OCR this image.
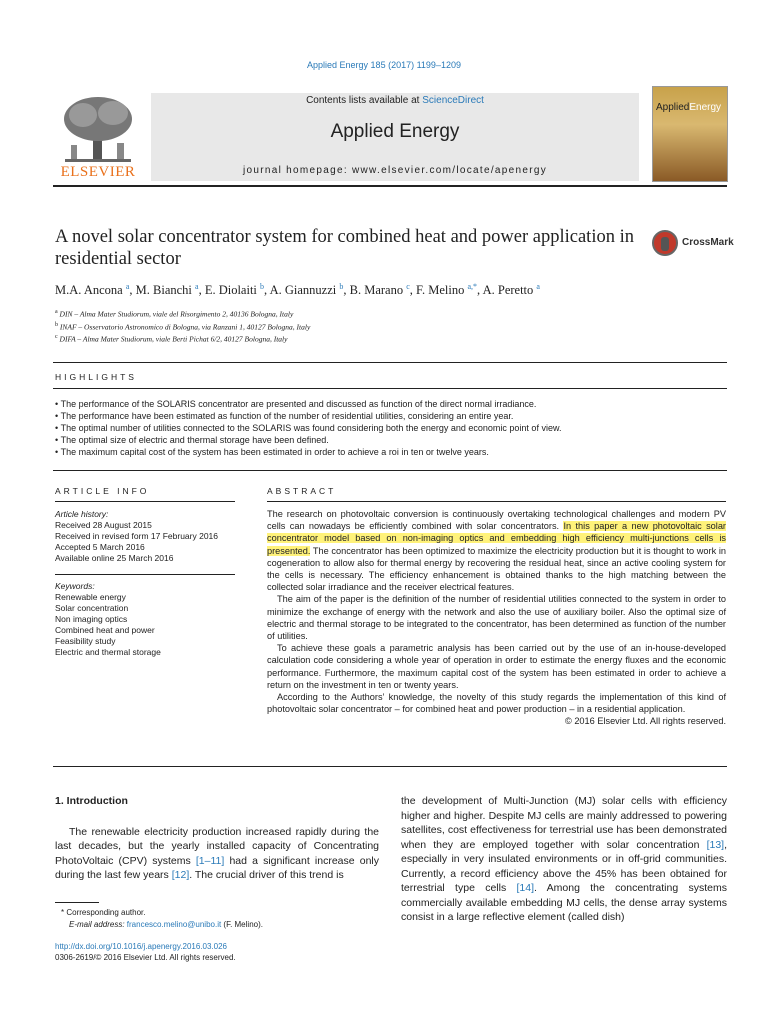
Applied Energy 185 (2017) 1199–1209
ELSEVIER
Contents lists available at ScienceDirect
Applied Energy
journal homepage: www.elsevier.com/locate/apenergy
AppliedEnergy
A novel solar concentrator system for combined heat and power application in residential sector
CrossMark
M.A. Ancona $^a$, M. Bianchi $^a$, E. Diolaiti $^b$, A. Giannuzzi $^b$, B. Marano $^c$, F. Melino $^{a,*}$, A. Peretto $^a$
$^a$ DIN – Alma Mater Studiorum, viale del Risorgimento 2, 40136 Bologna, Italy
$^b$ INAF – Osservatorio Astronomico di Bologna, via Ranzani 1, 40127 Bologna, Italy
$^c$ DIFA – Alma Mater Studiorum, viale Berti Pichat 6/2, 40127 Bologna, Italy
HIGHLIGHTS
• The performance of the SOLARIS concentrator are presented and discussed as function of the direct normal irradiance.
• The performance have been estimated as function of the number of residential utilities, considering an entire year.
• The optimal number of utilities connected to the SOLARIS was found considering both the energy and economic point of view.
• The optimal size of electric and thermal storage have been defined.
• The maximum capital cost of the system has been estimated in order to achieve a roi in ten or twelve years.
ARTICLE INFO	ABSTRACT
Article history:
Received 28 August 2015
Received in revised form 17 February 2016
Accepted 5 March 2016
Available online 25 March 2016
Keywords:
Renewable energy
Solar concentration
Non imaging optics
Combined heat and power
Feasibility study
Electric and thermal storage

The research on photovoltaic conversion is continuously overtaking technological challenges and modern PV cells can nowadays be efficiently combined with solar concentrators. In this paper a new photovoltaic solar concentrator model based on non-imaging optics and embedding high efficiency multi-junctions cells is presented. The concentrator has been optimized to maximize the electricity production but it is thought to work in cogeneration to allow also for thermal energy by recovering the residual heat, since an active cooling system for the cells is necessary. The efficiency enhancement is obtained thanks to the high matching between the collected solar irradiance and the receiver electrical features.

The aim of the paper is the definition of the number of residential utilities connected to the system in order to minimize the exchange of energy with the network and also the use of auxiliary boiler. Also the optimal size of electric and thermal storage to be integrated to the concentrator, has been determined as function of the number of utilities.

To achieve these goals a parametric analysis has been carried out by the use of an in-house-developed calculation code considering a whole year of operation in order to estimate the energy fluxes and the economic performance. Furthermore, the maximum capital cost of the system has been estimated in order to achieve a return on the investment in ten or twenty years.

According to the Authors’ knowledge, the novelty of this study regards the implementation of this kind of photovoltaic solar concentrator – for combined heat and power production – in a residential application.

© 2016 Elsevier Ltd. All rights reserved.

1. Introduction

The renewable electricity production increased rapidly during the last decades, but the yearly installed capacity of Concentrating PhotoVoltaic (CPV) systems [1–11] had a significant increase only during the last few years [12]. The crucial driver of this trend is

the development of Multi-Junction (MJ) solar cells with efficiency higher and higher. Despite MJ cells are mainly addressed to powering satellites, cost effectiveness for terrestrial use has been demonstrated when they are employed together with solar concentration [13], especially in very insulated environments or in off-grid communities. Currently, a record efficiency above the 45% has been obtained for terrestrial type cells [14]. Among the concentrating systems commercially available embedding MJ cells, the dense array systems consist in a large reflective element (called dish)
* Corresponding author.
E-mail address: francesco.melino@unibo.it (F. Melino).
http://dx.doi.org/10.1016/j.apenergy.2016.03.026
0306-2619/© 2016 Elsevier Ltd. All rights reserved.
